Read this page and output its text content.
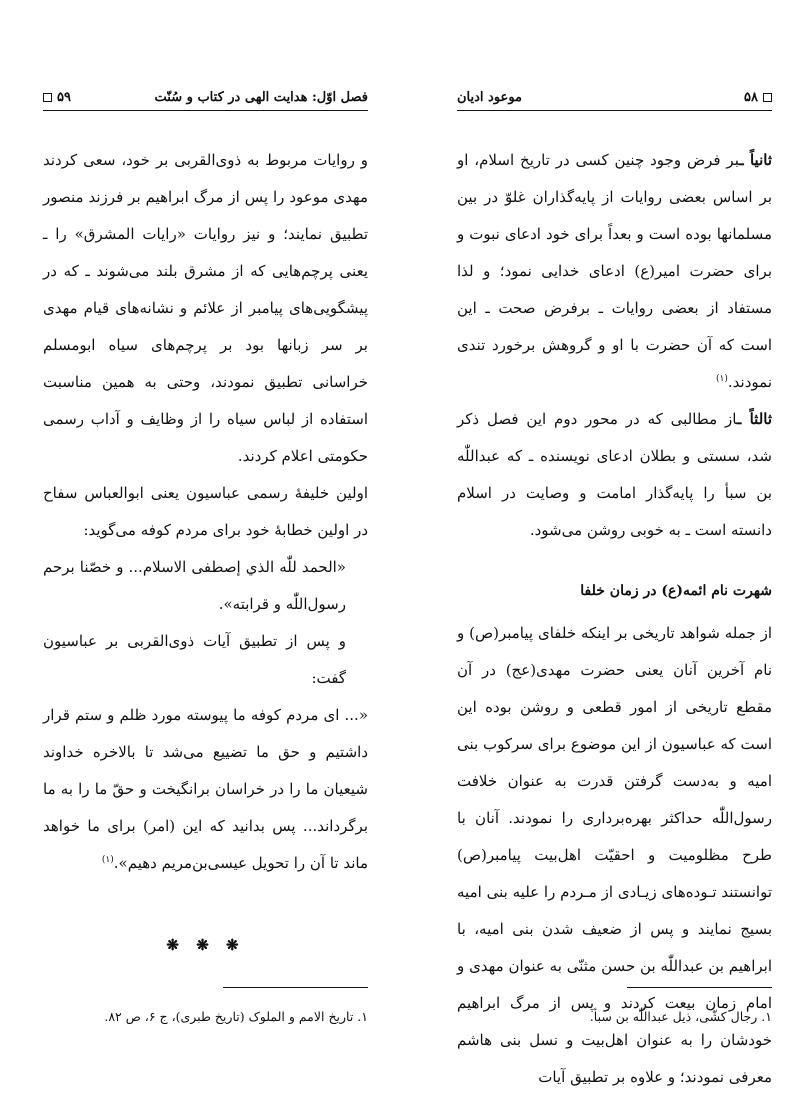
فصل اوّل: هدایت الهی در کتاب و سُنّت
۵۹

و روایات مربوط به ذوی‌القربی بر خود، سعی کردند مهدی موعود را پس از مرگ ابراهیم بر فرزند منصور تطبیق نمایند؛ و نیز روایات «رایات المشرق» را ـ یعنی پرچم‌هایی که از مشرق بلند می‌شوند ـ که در پیشگویی‌های پیامبر از علائم و نشانه‌های قیام مهدی بر سر زبانها بود بر پرچم‌های سیاه ابومسلم خراسانی تطبیق نمودند، وحتی به همین مناسبت استفاده از لباس سیاه را از وظایف و آداب رسمی حکومتی اعلام کردند.

اولین خلیفهٔ رسمی عباسیون یعنی ابوالعباس سفاح در اولین خطابهٔ خود برای مردم کوفه می‌گوید:

«الحمد للّٰه الذي إصطفى الاسلام... و خصّنا برحم رسول‌اللّٰه و قرابته».

و پس از تطبیق آیات ذوی‌القربی بر عباسیون گفت:

«... ای مردم کوفه ما پیوسته مورد ظلم و ستم قرار داشتیم و حق ما تضییع می‌شد تا بالاخره خداوند شیعیان ما را در خراسان برانگیخت و حقّ ما را به ما برگرداند... پس بدانید که این (امر) برای ما خواهد ماند تا آن را تحویل عیسی‌بن‌مریم دهیم».$^{(۱)}$

❋ ❋ ❋
۱. تاریخ الامم و الملوک (تاریخ طبری)، ج ۶، ص ۸۲.
۵۸
موعود ادیان

ثانیاً ـبر فرض وجود چنین کسی در تاریخ اسلام، او بر اساس بعضی روایات از پایه‌گذاران غلوّ در بین مسلمانها بوده است و بعداً برای خود ادعای نبوت و برای حضرت امیر(ع) ادعای خدایی نمود؛ و لذا مستفاد از بعضی روایات ـ برفرض صحت ـ این است که آن حضرت با او و گروهش برخورد تندی نمودند.$^{(۱)}$

ثالثاً ـاز مطالبی که در محور دوم این فصل ذکر شد، سستی و بطلان ادعای نویسنده ـ که عبداللّٰه بن سبأ را پایه‌گذار امامت و وصایت در اسلام دانسته است ـ به خوبی روشن می‌شود.

شهرت نام ائمه(ع) در زمان خلفا

از جمله شواهد تاریخی بر اینکه خلفای پیامبر(ص) و نام آخرین آنان یعنی حضرت مهدی(عج) در آن مقطع تاریخی از امور قطعی و روشن بوده این است که عباسیون از این موضوع برای سرکوب بنی امیه و به‌دست گرفتن قدرت به عنوان خلافت رسول‌اللّٰه حداکثر بهره‌برداری را نمودند. آنان با طرح مظلومیت و احقیّت اهل‌بیت پیامبر(ص) توانستند تـوده‌های زیـادی از مـردم را علیه بنی امیه بسیج نمایند و پس از ضعیف شدن بنی امیه، با ابراهیم بن عبداللّٰه بن حسن مثنّی به عنوان مهدی و امام زمان بیعت کردند و پس از مرگ ابراهیم خودشان را به عنوان اهل‌بیت و نسل بنی هاشم معرفی نمودند؛ و علاوه بر تطبیق آیات

۱. رجال کشّی، ذیل عبداللّٰه بن سبأ.
